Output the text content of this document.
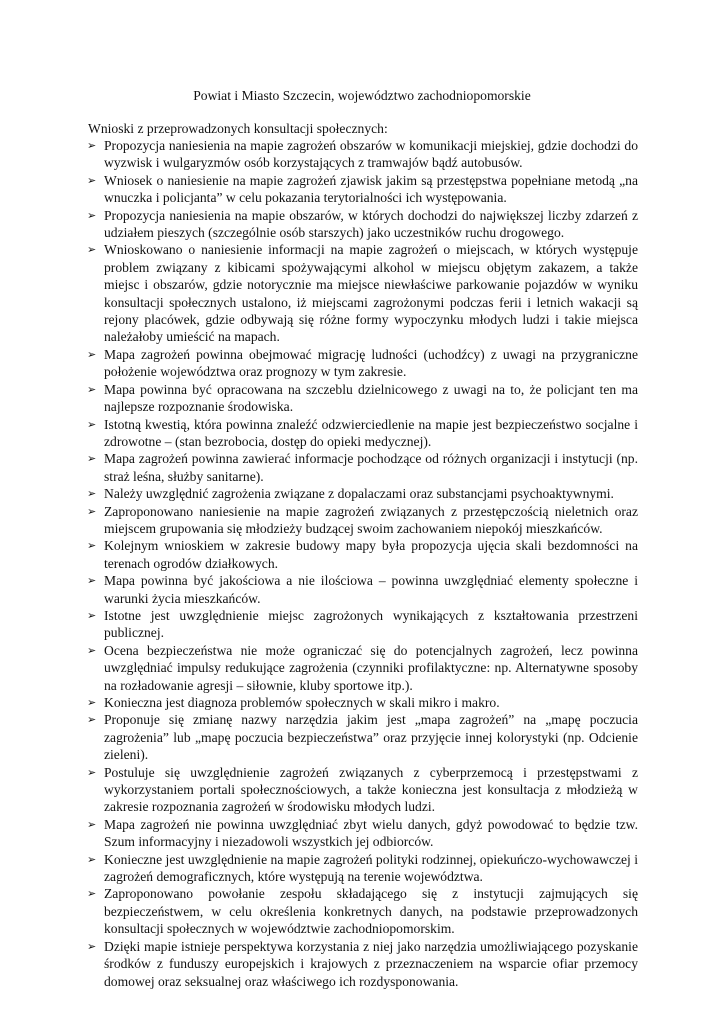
Powiat i Miasto Szczecin, województwo zachodniopomorskie
Wnioski z przeprowadzonych konsultacji społecznych:
➢ Propozycja naniesienia na mapie zagrożeń obszarów w komunikacji miejskiej, gdzie dochodzi do wyzwisk i wulgaryzmów osób korzystających z tramwajów bądź autobusów.
➢ Wniosek o naniesienie na mapie zagrożeń zjawisk jakim są przestępstwa popełniane metodą „na wnuczka i policjanta” w celu pokazania terytorialności ich występowania.
➢ Propozycja naniesienia na mapie obszarów, w których dochodzi do największej liczby zdarzeń z udziałem pieszych (szczególnie osób starszych) jako uczestników ruchu drogowego.
➢ Wnioskowano o naniesienie informacji na mapie zagrożeń o miejscach, w których występuje problem związany z kibicami spożywającymi alkohol w miejscu objętym zakazem, a także miejsc i obszarów, gdzie notorycznie ma miejsce niewłaściwe parkowanie pojazdów w wyniku konsultacji społecznych ustalono, iż miejscami zagrożonymi podczas ferii i letnich wakacji są rejony placówek, gdzie odbywają się różne formy wypoczynku młodych ludzi i takie miejsca należałoby umieścić na mapach.
➢ Mapa zagrożeń powinna obejmować migrację ludności (uchodźcy) z uwagi na przygraniczne położenie województwa oraz prognozy w tym zakresie.
➢ Mapa powinna być opracowana na szczeblu dzielnicowego z uwagi na to, że policjant ten ma najlepsze rozpoznanie środowiska.
➢ Istotną kwestią, która powinna znaleźć odzwierciedlenie na mapie jest bezpieczeństwo socjalne i zdrowotne – (stan bezrobocia, dostęp do opieki medycznej).
➢ Mapa zagrożeń powinna zawierać informacje pochodzące od różnych organizacji i instytucji (np. straż leśna, służby sanitarne).
➢ Należy uwzględnić zagrożenia związane z dopalaczami oraz substancjami psychoaktywnymi.
➢ Zaproponowano naniesienie na mapie zagrożeń związanych z przestępczością nieletnich oraz miejscem grupowania się młodzieży budzącej swoim zachowaniem niepokój mieszkańców.
➢ Kolejnym wnioskiem w zakresie budowy mapy była propozycja ujęcia skali bezdomności na terenach ogrodów działkowych.
➢ Mapa powinna być jakościowa a nie ilościowa – powinna uwzględniać elementy społeczne i warunki życia mieszkańców.
➢ Istotne jest uwzględnienie miejsc zagrożonych wynikających z kształtowania przestrzeni publicznej.
➢ Ocena bezpieczeństwa nie może ograniczać się do potencjalnych zagrożeń, lecz powinna uwzględniać impulsy redukujące zagrożenia (czynniki profilaktyczne: np. Alternatywne sposoby na rozładowanie agresji – siłownie, kluby sportowe itp.).
➢ Konieczna jest diagnoza problemów społecznych w skali mikro i makro.
➢ Proponuje się zmianę nazwy narzędzia jakim jest „mapa zagrożeń” na „mapę poczucia zagrożenia” lub „mapę poczucia bezpieczeństwa” oraz przyjęcie innej kolorystyki (np. Odcienie zieleni).
➢ Postuluje się uwzględnienie zagrożeń związanych z cyberprzemocą i przestępstwami z wykorzystaniem portali społecznościowych, a także konieczna jest konsultacja z młodzieżą w zakresie rozpoznania zagrożeń w środowisku młodych ludzi.
➢ Mapa zagrożeń nie powinna uwzględniać zbyt wielu danych, gdyż powodować to będzie tzw. Szum informacyjny i niezadowoli wszystkich jej odbiorców.
➢ Konieczne jest uwzględnienie na mapie zagrożeń polityki rodzinnej, opiekuńczo-wychowawczej i zagrożeń demograficznych, które występują na terenie województwa.
➢ Zaproponowano powołanie zespołu składającego się z instytucji zajmujących się bezpieczeństwem, w celu określenia konkretnych danych, na podstawie przeprowadzonych konsultacji społecznych w województwie zachodniopomorskim.
➢ Dzięki mapie istnieje perspektywa korzystania z niej jako narzędzia umożliwiającego pozyskanie środków z funduszy europejskich i krajowych z przeznaczeniem na wsparcie ofiar przemocy domowej oraz seksualnej oraz właściwego ich rozdysponowania.
